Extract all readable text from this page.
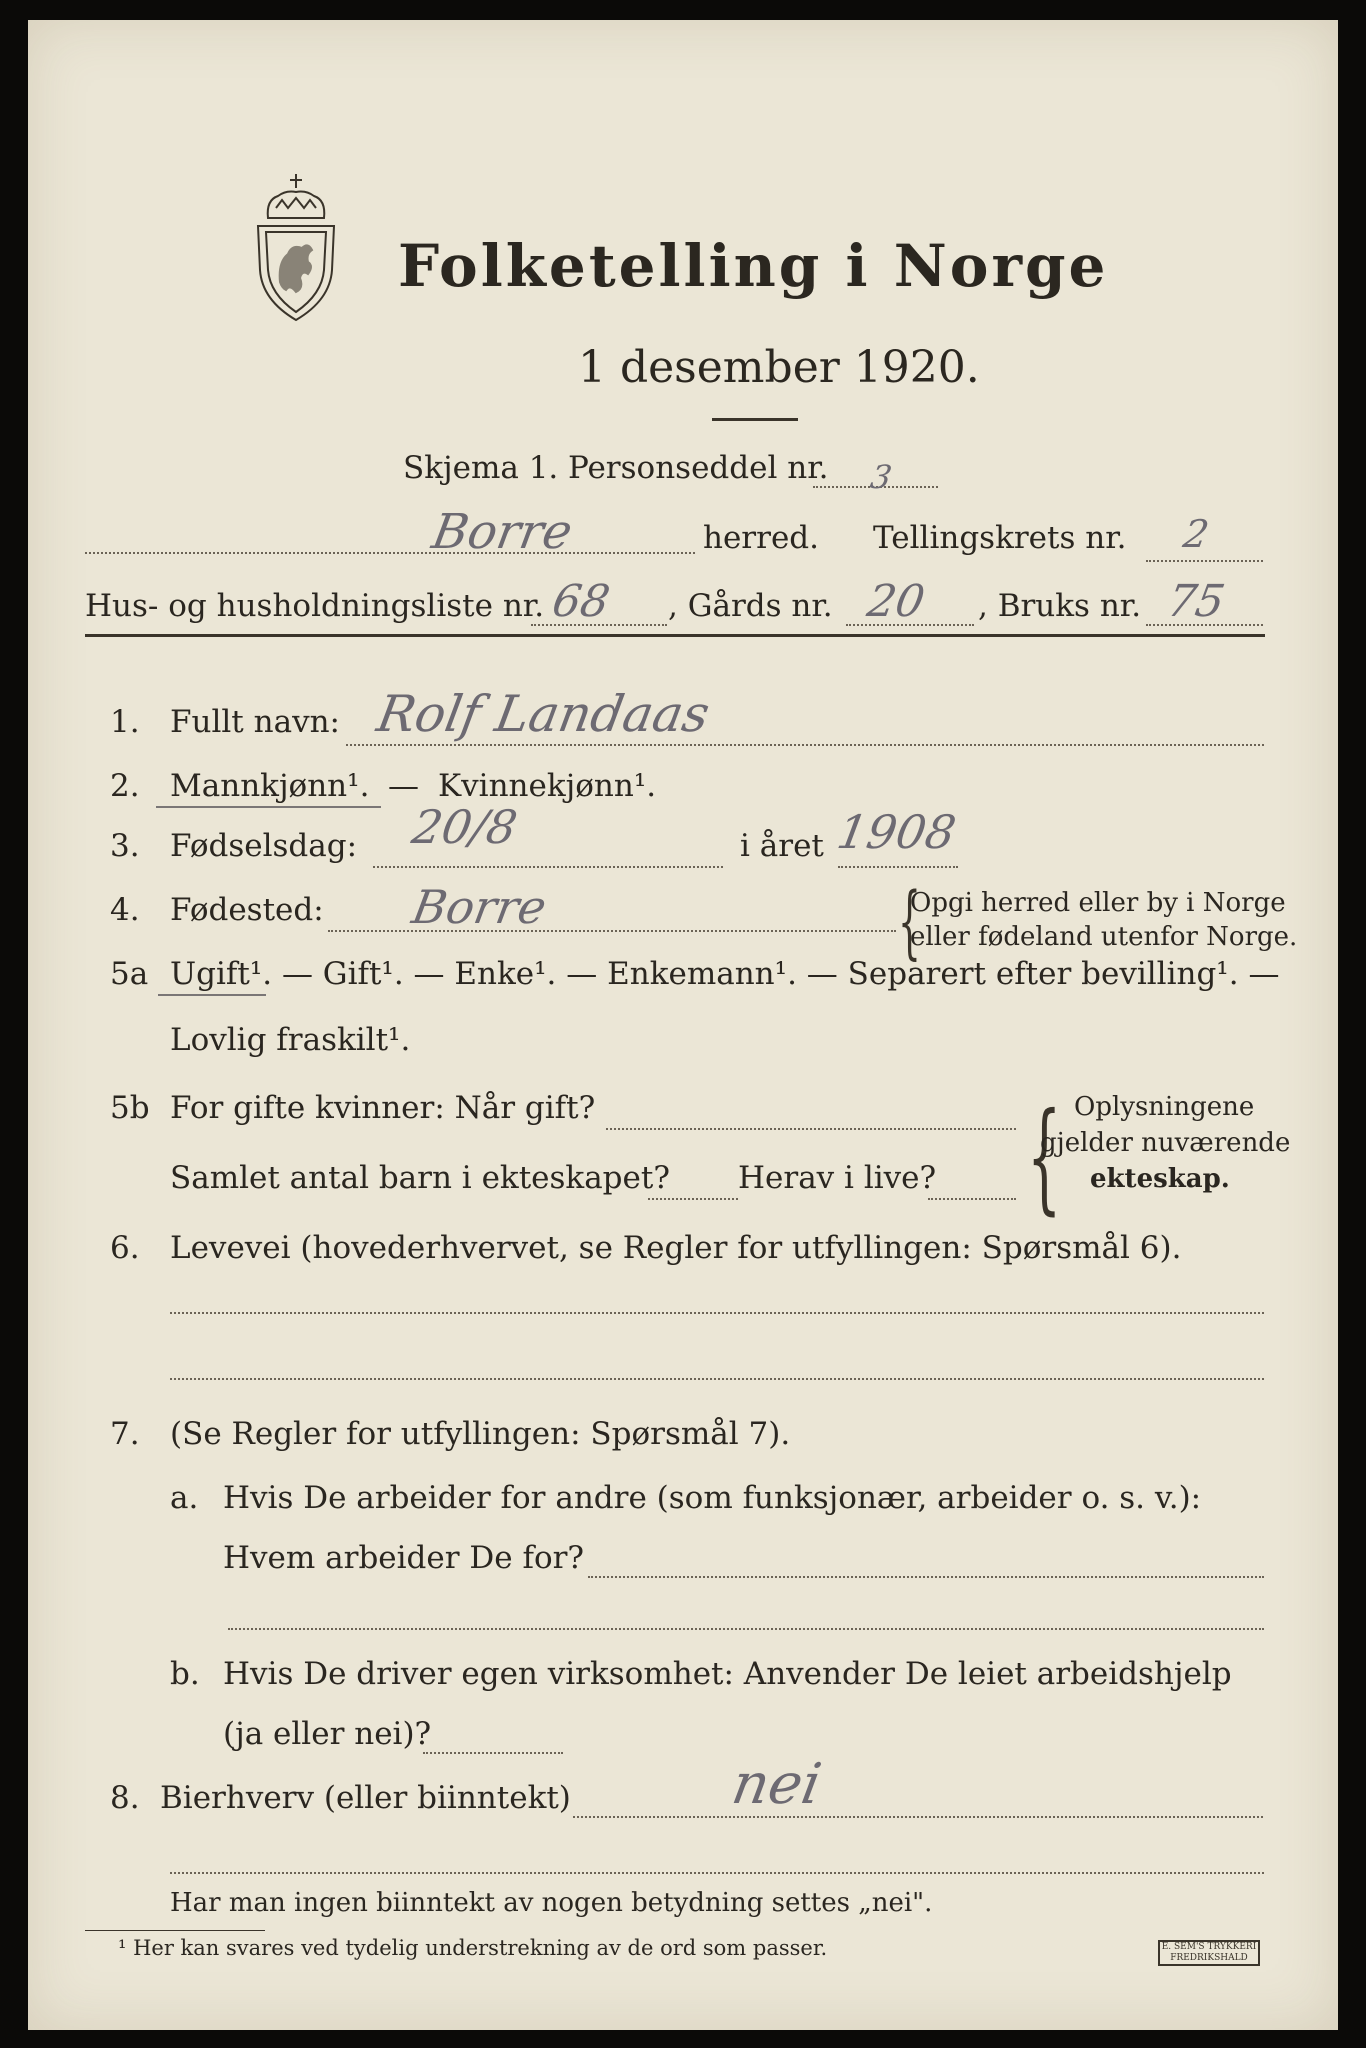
Folketelling i Norge
1 desember 1920.
Skjema 1. Personseddel nr. 3
Borre	herred. Tellingskrets nr. 2
Hus- og husholdningsliste nr. 68 , Gårds nr. 20 , Bruks nr. 75
1. Fullt navn: Rolf Landaas
2. Mannkjønn¹. — Kvinnekjønn¹.
3. Fødselsdag: 20/8	i året 1908
4. Fødested: Borre	{
Opgi herred eller by i Norge
eller fødeland utenfor Norge.
5a Ugift¹. — Gift¹. — Enke¹. — Enkemann¹. — Separert efter bevilling¹. —
Lovlig fraskilt¹.
5b For gifte kvinner: Når gift?
Samlet antal barn i ekteskapet? Herav i live? { Oplysningene
gjelder nuværende
ekteskap.
6. Levevei (hovederhvervet, se Regler for utfyllingen: Spørsmål 6).
7. (Se Regler for utfyllingen: Spørsmål 7).
a. Hvis De arbeider for andre (som funksjonær, arbeider o. s. v.):
Hvem arbeider De for?
b. Hvis De driver egen virksomhet: Anvender De leiet arbeidshjelp
(ja eller nei)?
8. Bierhverv (eller biinntekt)	nei
Har man ingen biinntekt av nogen betydning settes „nei".
¹ Her kan svares ved tydelig understrekning av de ord som passer.	E. SEM'S TRYKKERI FREDRIKSHALD
